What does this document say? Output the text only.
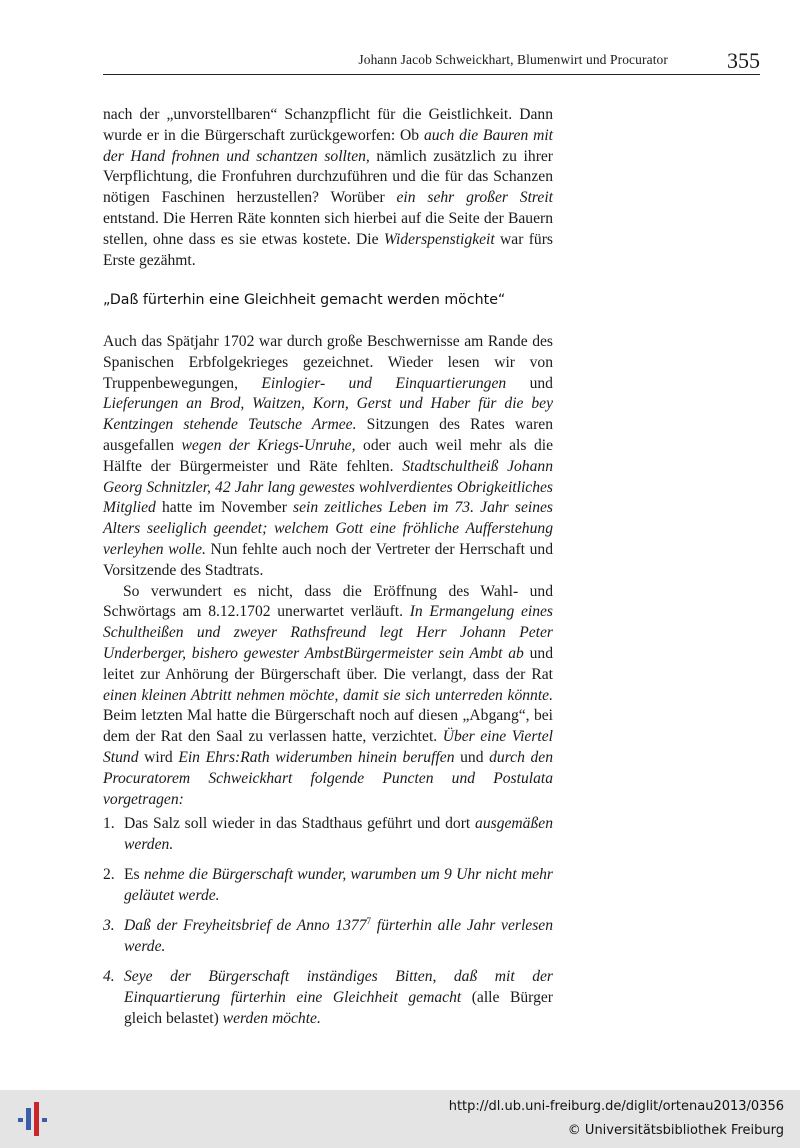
Johann Jacob Schweickhart, Blumenwirt und Procurator	355

nach der „unvorstellbaren“ Schanzpflicht für die Geistlichkeit. Dann wurde er in die Bürgerschaft zurückgeworfen: Ob auch die Bauren mit der Hand frohnen und schantzen sollten, nämlich zusätzlich zu ihrer Verpflichtung, die Fronfuhren durchzuführen und die für das Schanzen nötigen Faschinen herzustellen? Worüber ein sehr großer Streit entstand. Die Herren Räte konnten sich hierbei auf die Seite der Bauern stellen, ohne dass es sie etwas kostete. Die Widerspenstigkeit war fürs Erste gezähmt.

„Daß fürterhin eine Gleichheit gemacht werden möchte“

Auch das Spätjahr 1702 war durch große Beschwernisse am Rande des Spanischen Erbfolgekrieges gezeichnet. Wieder lesen wir von Truppenbewegungen, Einlogier- und Einquartierungen und Lieferungen an Brod, Waitzen, Korn, Gerst und Haber für die bey Kentzingen stehende Teutsche Armee. Sitzungen des Rates waren ausgefallen wegen der Kriegs-Unruhe, oder auch weil mehr als die Hälfte der Bürgermeister und Räte fehlten. Stadtschultheiß Johann Georg Schnitzler, 42 Jahr lang gewestes wohlverdientes Obrigkeitliches Mitglied hatte im November sein zeitliches Leben im 73. Jahr seines Alters seeliglich geendet; welchem Gott eine fröhliche Aufferstehung verleyhen wolle. Nun fehlte auch noch der Vertreter der Herrschaft und Vorsitzende des Stadtrats.

So verwundert es nicht, dass die Eröffnung des Wahl- und Schwörtags am 8.12.1702 unerwartet verläuft. In Ermangelung eines Schultheißen und zweyer Rathsfreund legt Herr Johann Peter Underberger, bishero gewester AmbstBürgermeister sein Ambt ab und leitet zur Anhörung der Bürgerschaft über. Die verlangt, dass der Rat einen kleinen Abtritt nehmen möchte, damit sie sich unterreden könnte. Beim letzten Mal hatte die Bürgerschaft noch auf diesen „Abgang“, bei dem der Rat den Saal zu verlassen hatte, verzichtet. Über eine Viertel Stund wird Ein Ehrs:Rath widerumben hinein beruffen und durch den Procuratorem Schweickhart folgende Puncten und Postulata vorgetragen:

1. Das Salz soll wieder in das Stadthaus geführt und dort ausgemäßen werden.
2. Es nehme die Bürgerschaft wunder, warumben um 9 Uhr nicht mehr geläutet werde.
3. Daß der Freyheitsbrief de Anno 1377$^7$ fürterhin alle Jahr verlesen werde.
4. Seye der Bürgerschaft inständiges Bitten, daß mit der Einquartierung fürterhin eine Gleichheit gemacht (alle Bürger gleich belastet) werden möchte.
http://dl.ub.uni-freiburg.de/diglit/ortenau2013/0356
© Universitätsbibliothek Freiburg
